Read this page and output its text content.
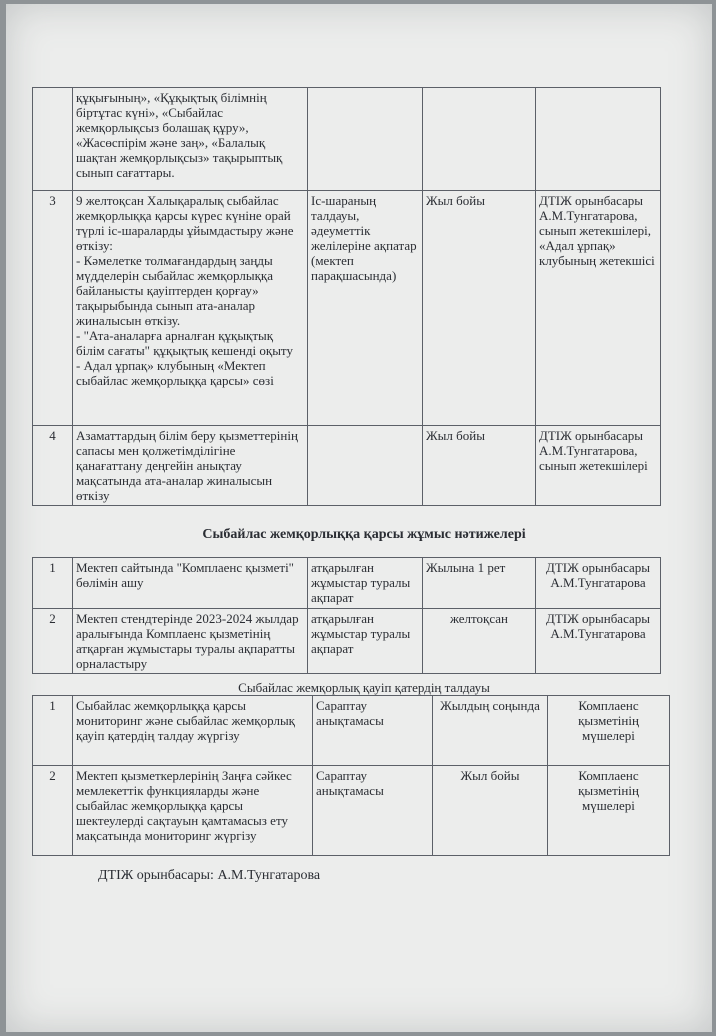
	құқығының», «Құқықтық білімнің біртұтас күні», «Сыбайлас жемқорлықсыз болашақ құру», «Жасөспірім және заң», «Балалық шақтан жемқорлықсыз» тақырыптық сынып сағаттары.			
3	9 желтоқсан Халықаралық сыбайлас жемқорлыққа қарсы күрес күніне орай түрлі іс-шараларды ұйымдастыру және өткізу:
- Кәмелетке толмағандардың заңды мүдделерін сыбайлас жемқорлыққа байланысты қауіптерден қорғау» тақырыбында сынып ата-аналар жиналысын өткізу.
- "Ата-аналарға арналған құқықтық білім сағаты" құқықтық кешенді оқыту
- Адал ұрпақ» клубының «Мектеп сыбайлас жемқорлыққа қарсы» сөзі	Іс-шараның талдауы, әдеуметтік желілеріне ақпатар (мектеп парақшасында)	Жыл бойы	ДТІЖ орынбасары А.М.Тунгатарова, сынып жетекшілері, «Адал ұрпақ» клубының жетекшісі
4	Азаматтардың білім беру қызметтерінің сапасы мен қолжетімділігіне қанағаттану деңгейін анықтау мақсатында ата-аналар жиналысын өткізу		Жыл бойы	ДТІЖ орынбасары А.М.Тунгатарова, сынып жетекшілері
Сыбайлас жемқорлыққа қарсы жұмыс нәтижелері
1	Мектеп сайтында "Комплаенс қызметі" бөлімін ашу	атқарылған жұмыстар туралы ақпарат	Жылына 1 рет	ДТІЖ орынбасары А.М.Тунгатарова
2	Мектеп стендтерінде 2023-2024 жылдар аралығында Комплаенс қызметінің атқарған жұмыстары туралы ақпаратты орналастыру	атқарылған жұмыстар туралы ақпарат	желтоқсан	ДТІЖ орынбасары А.М.Тунгатарова
Сыбайлас жемқорлық қауіп қатердің талдауы
1	Сыбайлас жемқорлыққа қарсы мониторинг және сыбайлас жемқорлық қауіп қатердің талдау жүргізу	Сараптау анықтамасы	Жылдың соңында	Комплаенс қызметінің мүшелері
2	Мектеп қызметкерлерінің Заңға сәйкес мемлекеттік функцияларды және сыбайлас жемқорлыққа қарсы шектеулерді сақтауын қамтамасыз ету мақсатында мониторинг жүргізу	Сараптау анықтамасы	Жыл бойы	Комплаенс қызметінің мүшелері
ДТІЖ орынбасары: А.М.Тунгатарова
